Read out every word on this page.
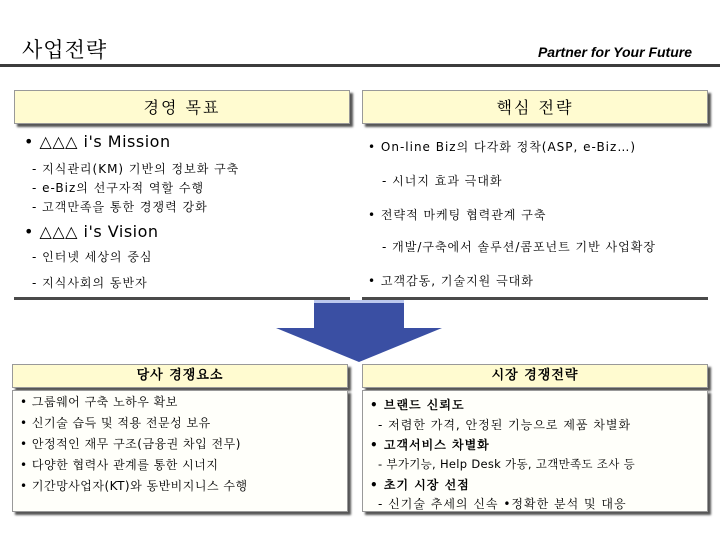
사업전략	Partner for Your Future
경영 목표
• △△△ i's Mission
- 지식관리(KM) 기반의 정보화 구축
- e-Biz의 선구자적 역할 수행
- 고객만족을 통한 경쟁력 강화
• △△△ i's Vision
- 인터넷 세상의 중심
- 지식사회의 동반자
핵심 전략
• On-line Biz의 다각화 정착(ASP, e-Biz…)
- 시너지 효과 극대화
• 전략적 마케팅 협력관계 구축
- 개발/구축에서 솔루션/콤포넌트 기반 사업확장
• 고객감동, 기술지원 극대화
당사 경쟁요소
• 그룹웨어 구축 노하우 확보
• 신기술 습득 및 적용 전문성 보유
• 안정적인 재무 구조(금융권 차입 전무)
• 다양한 협력사 관계를 통한 시너지
• 기간망사업자(KT)와 동반비지니스 수행
시장 경쟁전략
• 브랜드 신뢰도
- 저렴한 가격, 안정된 기능으로 제품 차별화
• 고객서비스 차별화
- 부가기능, Help Desk 가동, 고객만족도 조사 등
• 초기 시장 선점
- 신기술 추세의 신속 •정확한 분석 및 대응
